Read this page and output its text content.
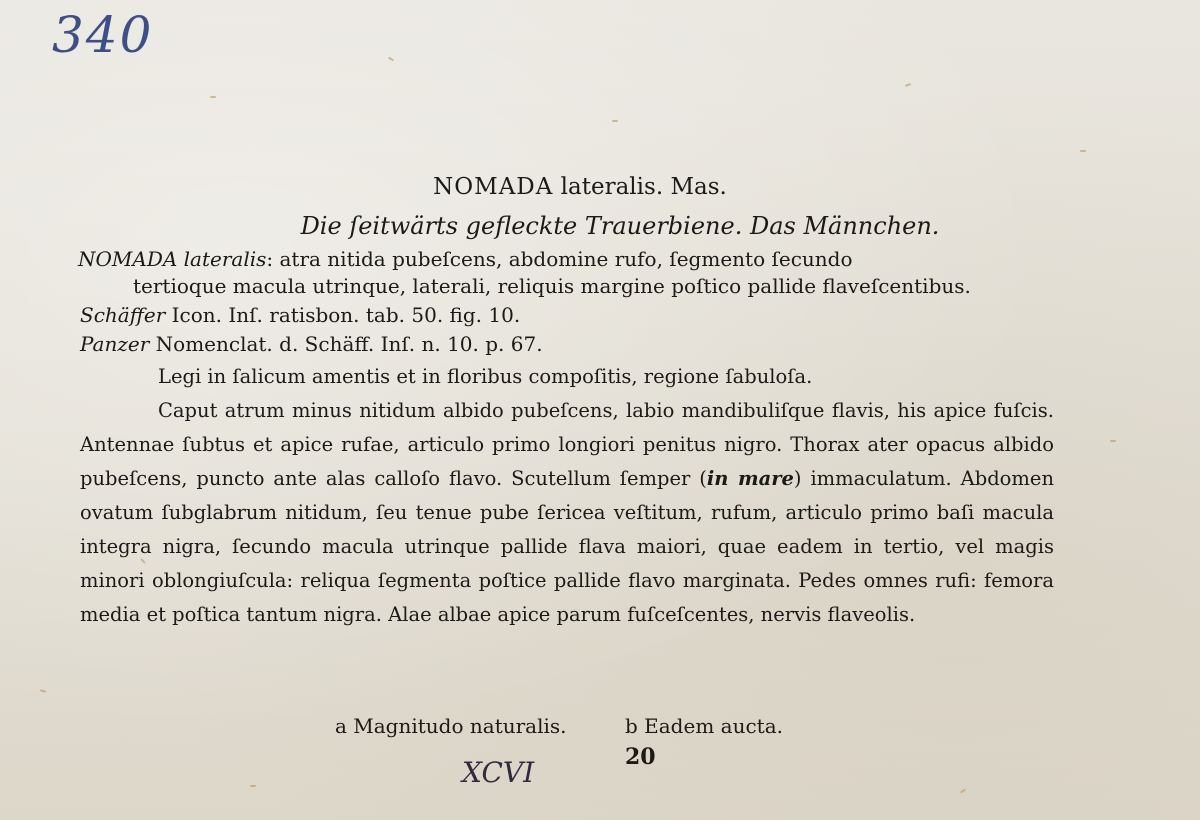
340
NOMADA lateralis. Mas.
Die ſeitwärts gefleckte Trauerbiene. Das Männchen.
NOMADA lateralis: atra nitida pubeſcens, abdomine rufo, ſegmento ſecundo
tertioque macula utrinque, laterali, reliquis margine poſtico pallide flaveſcentibus.
Schäffer Icon. Inſ. ratisbon. tab. 50. fig. 10.
Panzer Nomenclat. d. Schäff. Inſ. n. 10. p. 67.

Legi in ſalicum amentis et in floribus compoſitis, regione ſabuloſa.

Caput atrum minus nitidum albido pubeſcens, labio mandibuliſque flavis, his apice fuſcis. Antennae ſubtus et apice rufae, articulo primo longiori penitus nigro. Thorax ater opacus albido pubeſcens, puncto ante alas calloſo flavo. Scutellum ſemper (in mare) immaculatum. Abdomen ovatum ſubglabrum nitidum, ſeu tenue pube ſericea veſtitum, rufum, articulo primo baſi macula integra nigra, ſecundo macula utrinque pallide flava maiori, quae eadem in tertio, vel magis minori oblongiuſcula: reliqua ſegmenta poſtice pallide flavo marginata. Pedes omnes rufi: femora media et poſtica tantum nigra. Alae albae apice parum fuſceſcentes, nervis flaveolis.

a Magnitudo naturalis.	b Eadem aucta.
XCVI	20
